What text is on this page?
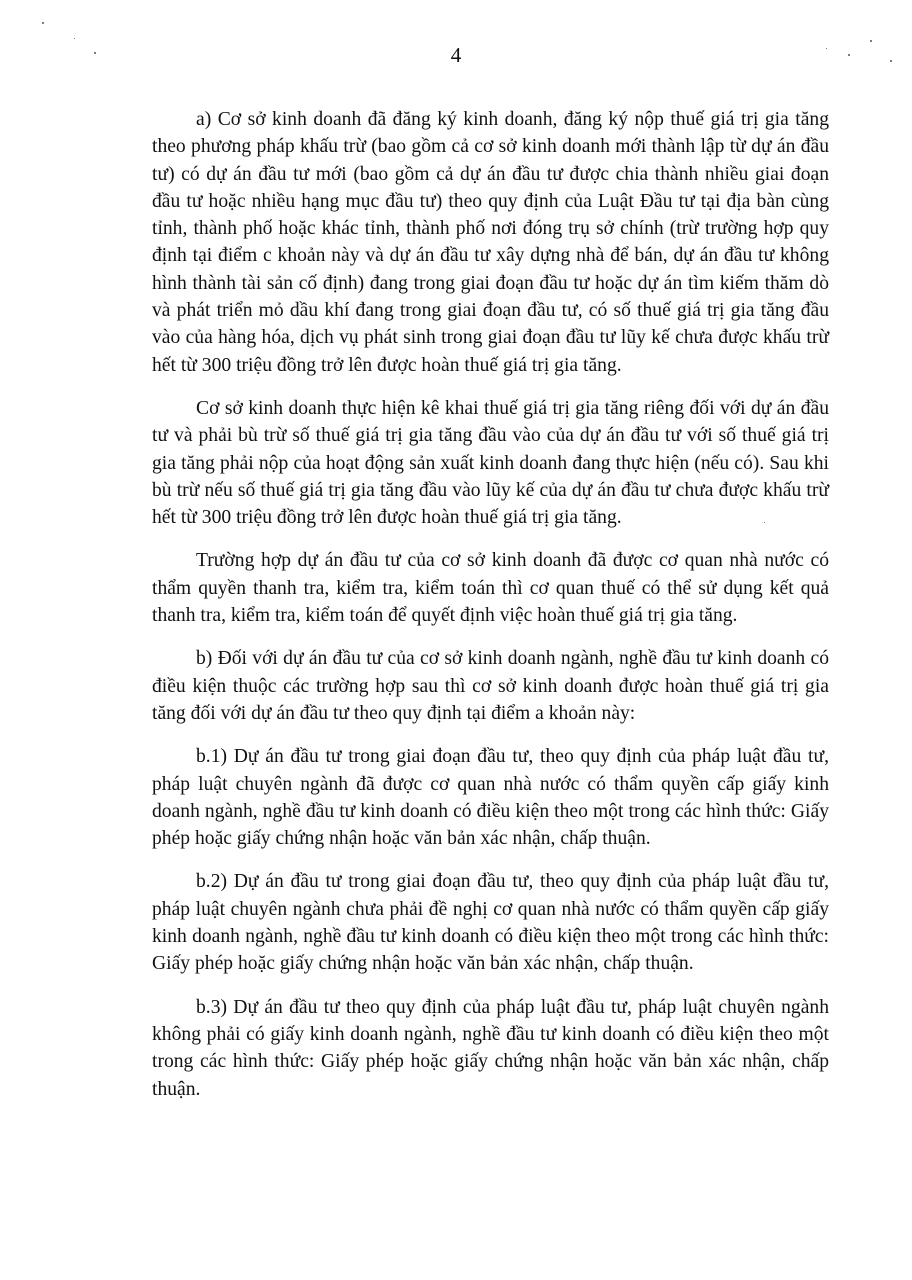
4

a) Cơ sở kinh doanh đã đăng ký kinh doanh, đăng ký nộp thuế giá trị gia tăng theo phương pháp khấu trừ (bao gồm cả cơ sở kinh doanh mới thành lập từ dự án đầu tư) có dự án đầu tư mới (bao gồm cả dự án đầu tư được chia thành nhiều giai đoạn đầu tư hoặc nhiều hạng mục đầu tư) theo quy định của Luật Đầu tư tại địa bàn cùng tỉnh, thành phố hoặc khác tỉnh, thành phố nơi đóng trụ sở chính (trừ trường hợp quy định tại điểm c khoản này và dự án đầu tư xây dựng nhà để bán, dự án đầu tư không hình thành tài sản cố định) đang trong giai đoạn đầu tư hoặc dự án tìm kiếm thăm dò và phát triển mỏ dầu khí đang trong giai đoạn đầu tư, có số thuế giá trị gia tăng đầu vào của hàng hóa, dịch vụ phát sinh trong giai đoạn đầu tư lũy kế chưa được khấu trừ hết từ 300 triệu đồng trở lên được hoàn thuế giá trị gia tăng.

Cơ sở kinh doanh thực hiện kê khai thuế giá trị gia tăng riêng đối với dự án đầu tư và phải bù trừ số thuế giá trị gia tăng đầu vào của dự án đầu tư với số thuế giá trị gia tăng phải nộp của hoạt động sản xuất kinh doanh đang thực hiện (nếu có). Sau khi bù trừ nếu số thuế giá trị gia tăng đầu vào lũy kế của dự án đầu tư chưa được khấu trừ hết từ 300 triệu đồng trở lên được hoàn thuế giá trị gia tăng.

Trường hợp dự án đầu tư của cơ sở kinh doanh đã được cơ quan nhà nước có thẩm quyền thanh tra, kiểm tra, kiểm toán thì cơ quan thuế có thể sử dụng kết quả thanh tra, kiểm tra, kiểm toán để quyết định việc hoàn thuế giá trị gia tăng.

b) Đối với dự án đầu tư của cơ sở kinh doanh ngành, nghề đầu tư kinh doanh có điều kiện thuộc các trường hợp sau thì cơ sở kinh doanh được hoàn thuế giá trị gia tăng đối với dự án đầu tư theo quy định tại điểm a khoản này:

b.1) Dự án đầu tư trong giai đoạn đầu tư, theo quy định của pháp luật đầu tư, pháp luật chuyên ngành đã được cơ quan nhà nước có thẩm quyền cấp giấy kinh doanh ngành, nghề đầu tư kinh doanh có điều kiện theo một trong các hình thức: Giấy phép hoặc giấy chứng nhận hoặc văn bản xác nhận, chấp thuận.

b.2) Dự án đầu tư trong giai đoạn đầu tư, theo quy định của pháp luật đầu tư, pháp luật chuyên ngành chưa phải đề nghị cơ quan nhà nước có thẩm quyền cấp giấy kinh doanh ngành, nghề đầu tư kinh doanh có điều kiện theo một trong các hình thức: Giấy phép hoặc giấy chứng nhận hoặc văn bản xác nhận, chấp thuận.

b.3) Dự án đầu tư theo quy định của pháp luật đầu tư, pháp luật chuyên ngành không phải có giấy kinh doanh ngành, nghề đầu tư kinh doanh có điều kiện theo một trong các hình thức: Giấy phép hoặc giấy chứng nhận hoặc văn bản xác nhận, chấp thuận.
